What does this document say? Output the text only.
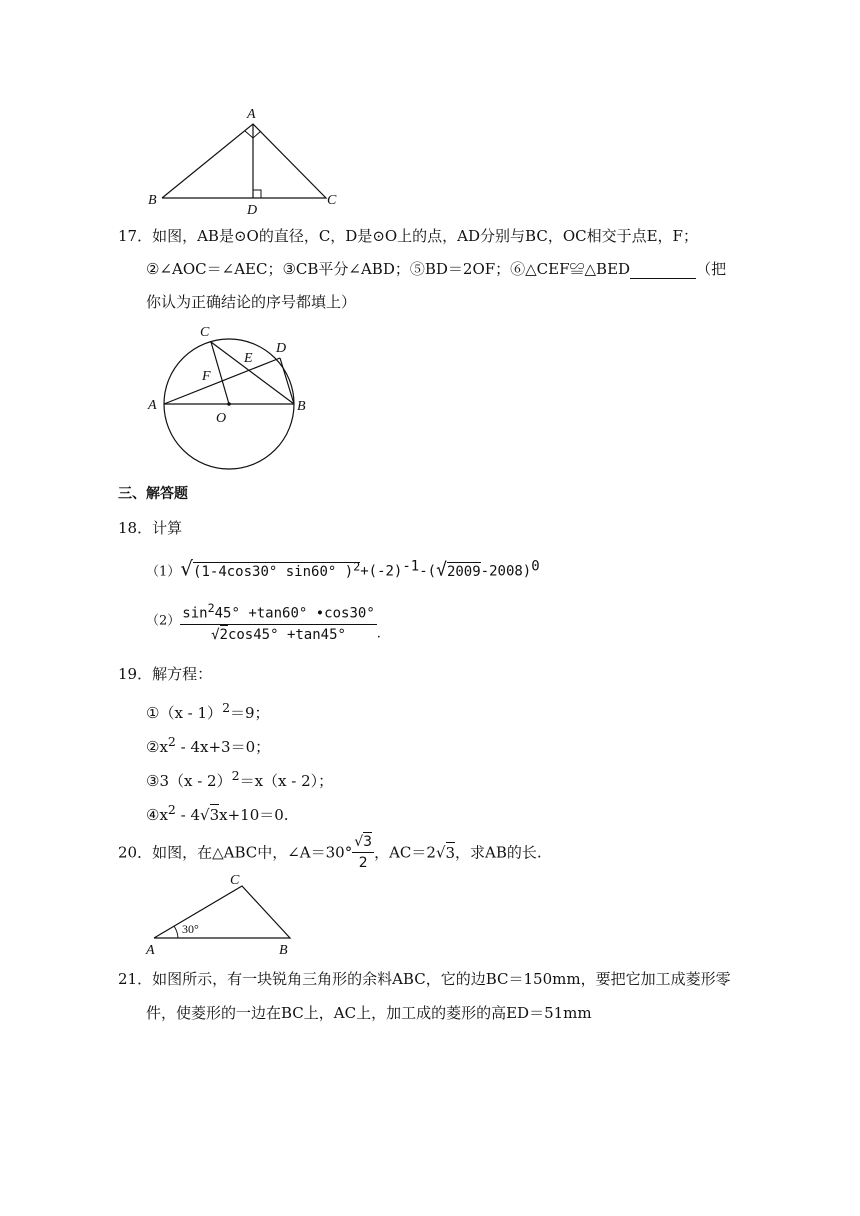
A
B	C
D
17．如图，AB是⊙O的直径，C，D是⊙O上的点，AD分别与BC，OC相交于点E，F；
②∠AOC＝∠AEC；③CB平分∠ABD；⑤BD＝2OF；⑥△CEF≌△BED	（把
你认为正确结论的序号都填上）
C
D
E
F
A
O
B
三、解答题
18．计算
（1）√(1-4cos30° sin60° )$^2+(-2)^{-1}-(√2009-2008)^0$
$(2) \frac{\sin^245^\circ +\tan 60^\circ •\cos 30^\circ}{√2\cos 45^\circ +\tan 45^\circ}$ .
19．解方程：
①（x - 1）$^2$＝9；
$②x^2 - 4x+3=0$；
③3（x - 2）$^2$＝x（x - 2）；
$④x^2 - 4√3x+10=0$.
20．如图，在△ABC中，∠A＝30° $\frac{√3}{2}$ ，AC＝2√3，求AB的长.
30°
C
A	B
21．如图所示，有一块锐角三角形的余料ABC，它的边BC＝150mm，要把它加工成菱形零
件，使菱形的一边在BC上，AC上，加工成的菱形的高ED＝51mm
